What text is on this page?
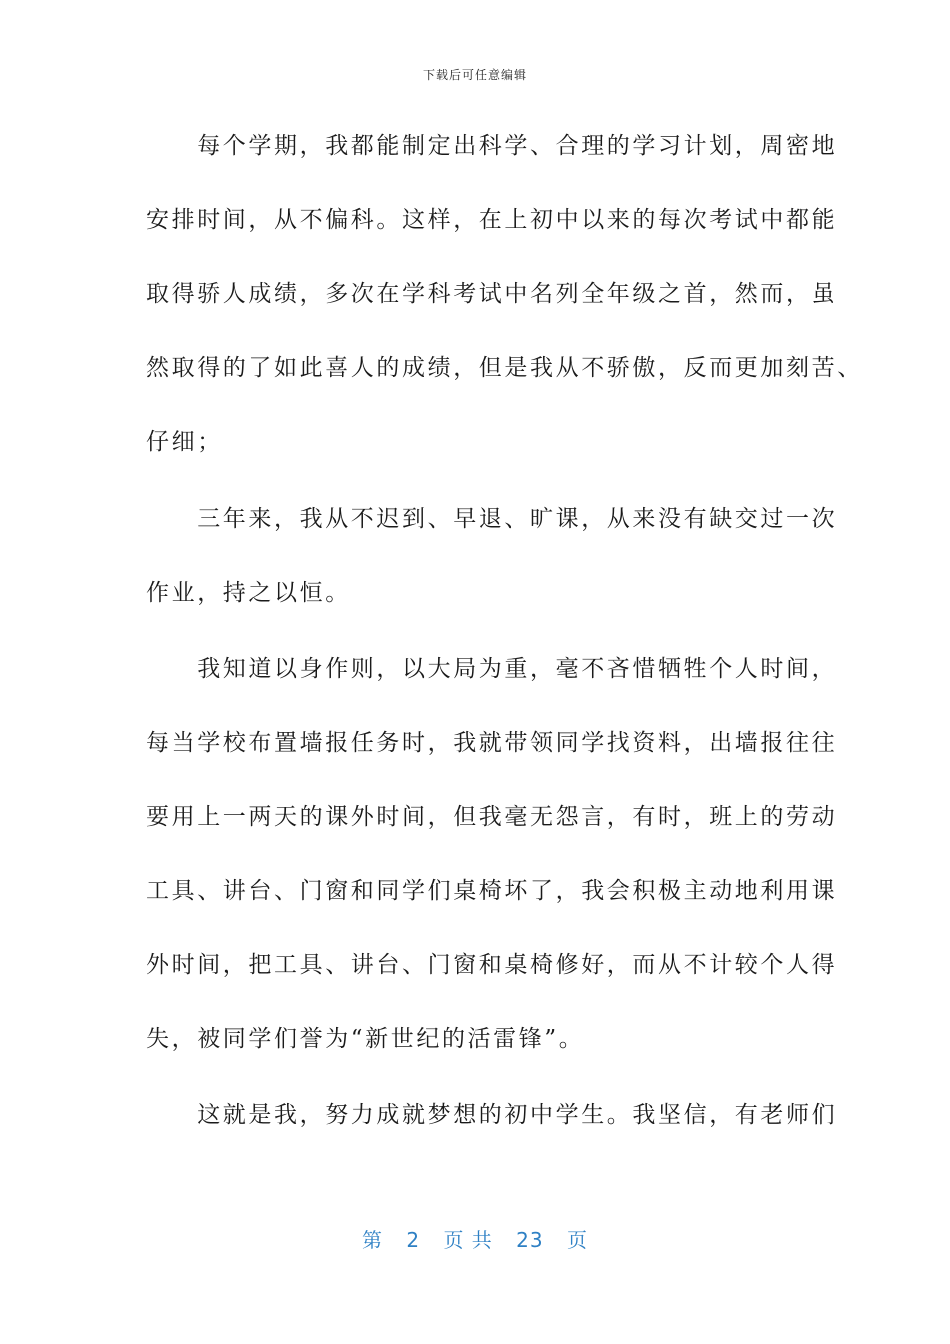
下载后可任意编辑
　　每个学期，我都能制定出科学、合理的学习计划，周密地
安排时间，从不偏科。这样，在上初中以来的每次考试中都能
取得骄人成绩，多次在学科考试中名列全年级之首，然而，虽
然取得的了如此喜人的成绩，但是我从不骄傲，反而更加刻苦、
仔细；
　　三年来，我从不迟到、早退、旷课，从来没有缺交过一次
作业，持之以恒。
　　我知道以身作则，以大局为重，毫不吝惜牺牲个人时间，
每当学校布置墙报任务时，我就带领同学找资料，出墙报往往
要用上一两天的课外时间，但我毫无怨言，有时，班上的劳动
工具、讲台、门窗和同学们桌椅坏了，我会积极主动地利用课
外时间，把工具、讲台、门窗和桌椅修好，而从不计较个人得
失，被同学们誉为“新世纪的活雷锋”。
　　这就是我，努力成就梦想的初中学生。我坚信，有老师们
第 2 页 共 23 页
